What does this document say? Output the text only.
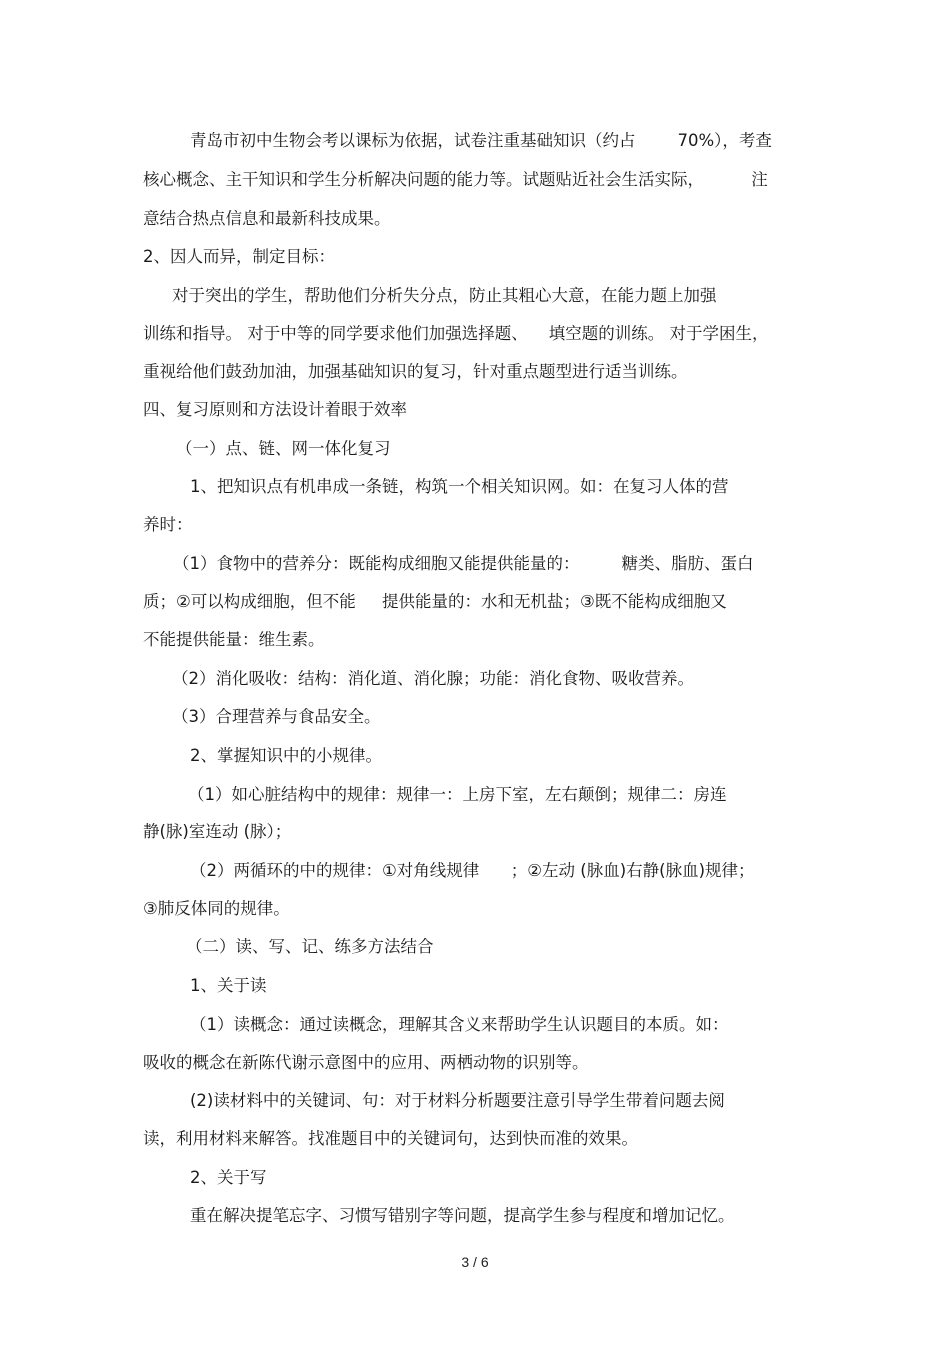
青岛市初中生物会考以课标为依据，试卷注重基础知识（约占        70%），考查
核心概念、主干知识和学生分析解决问题的能力等。试题贴近社会生活实际，         注
意结合热点信息和最新科技成果。
2、因人而异，制定目标：
对于突出的学生，帮助他们分析失分点，防止其粗心大意，在能力题上加强
训练和指导。 对于中等的同学要求他们加强选择题、    填空题的训练。 对于学困生，
重视给他们鼓劲加油，加强基础知识的复习，针对重点题型进行适当训练。
四、复习原则和方法设计着眼于效率
（一）点、链、网一体化复习
1、把知识点有机串成一条链，构筑一个相关知识网。如：在复习人体的营
养时：
（1）食物中的营养分：既能构成细胞又能提供能量的：        糖类、脂肪、蛋白
质；②可以构成细胞，但不能     提供能量的：水和无机盐；③既不能构成细胞又
不能提供能量：维生素。
（2）消化吸收：结构：消化道、消化腺；功能：消化食物、吸收营养。
（3）合理营养与食品安全。
2、掌握知识中的小规律。
（1）如心脏结构中的规律：规律一：上房下室，左右颠倒；规律二：房连
静(脉)室连动 (脉）；
（2）两循环的中的规律：①对角线规律      ；②左动 (脉血)右静(脉血)规律；
③肺反体同的规律。
（二）读、写、记、练多方法结合
1、关于读
（1）读概念：通过读概念，理解其含义来帮助学生认识题目的本质。如：
吸收的概念在新陈代谢示意图中的应用、两栖动物的识别等。
(2)读材料中的关键词、句：对于材料分析题要注意引导学生带着问题去阅
读，利用材料来解答。找准题目中的关键词句，达到快而准的效果。
2、关于写
重在解决提笔忘字、习惯写错别字等问题，提高学生参与程度和增加记忆。
3 / 6
